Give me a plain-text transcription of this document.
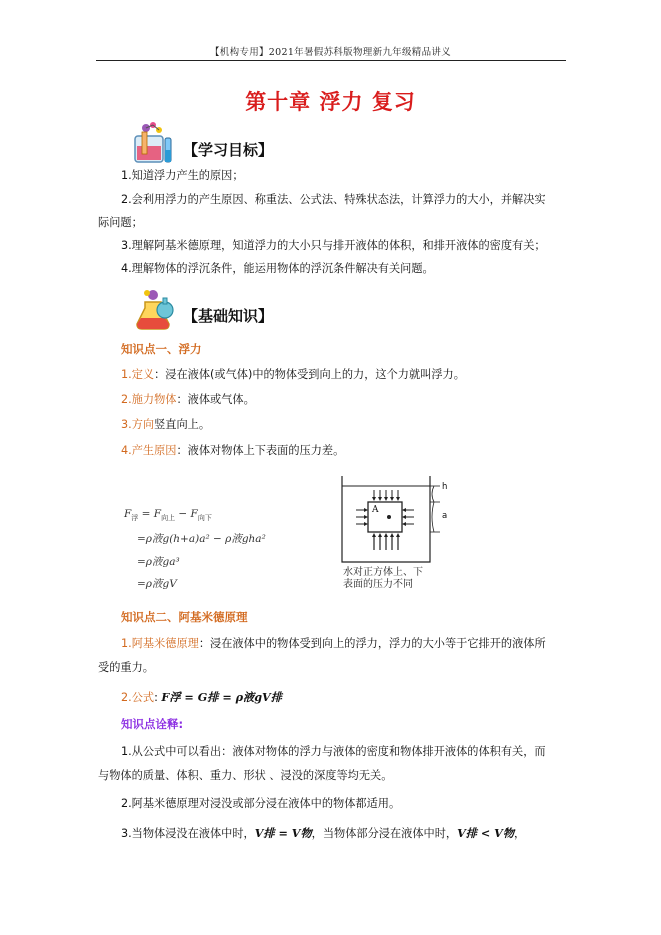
【机构专用】2021年暑假苏科版物理新九年级精品讲义
第十章 浮力 复习
【学习目标】
1.知道浮力产生的原因；
2.会利用浮力的产生原因、称重法、公式法、特殊状态法，计算浮力的大小，并解决实
际问题；
3.理解阿基米德原理，知道浮力的大小只与排开液体的体积，和排开液体的密度有关；
4.理解物体的浮沉条件，能运用物体的浮沉条件解决有关问题。
【基础知识】
知识点一、浮力
1.定义：浸在液体(或气体)中的物体受到向上的力，这个力就叫浮力。
2.施力物体：液体或气体。
3.方向竖直向上。
4.产生原因：液体对物体上下表面的压力差。
$F_浮 = F_{向上} - F_{向下}$
=ρ液g(h+a)a² − ρ液gha²
=ρ液ga³
=ρ液gV
A
h
a
水对正方体上、下
表面的压力不同
知识点二、阿基米德原理
1.阿基米德原理：浸在液体中的物体受到向上的浮力，浮力的大小等于它排开的液体所
受的重力。
2.公式: F浮 = G排 = ρ液gV排
知识点诠释:
1.从公式中可以看出：液体对物体的浮力与液体的密度和物体排开液体的体积有关，而
与物体的质量、体积、重力、形状 、浸没的深度等均无关。
2.阿基米德原理对浸没或部分浸在液体中的物体都适用。
3.当物体浸没在液体中时，V排 = V物，当物体部分浸在液体中时，V排 < V物，
